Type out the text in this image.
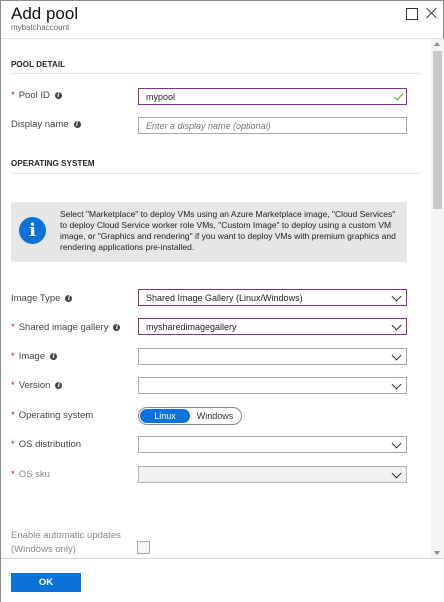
Add pool
mybatchaccount
POOL DETAIL
* Pool ID	i	mypool
Display name	i	Enter a display name (optional)
OPERATING SYSTEM
i
Select "Marketplace" to deploy VMs using an Azure Marketplace image, "Cloud Services" to deploy Cloud Service worker role VMs, "Custom Image" to deploy using a custom VM image, or "Graphics and rendering" if you want to deploy VMs with premium graphics and rendering applications pre-installed.
Image Type	i	Shared Image Gallery (Linux/Windows)
* Shared image gallery	i	mysharedimagegallery
* Image	i
* Version	i
* Operating system	Linux	Windows
* OS distribution
* OS sku
Enable automatic updates
(Windows only)
OK
